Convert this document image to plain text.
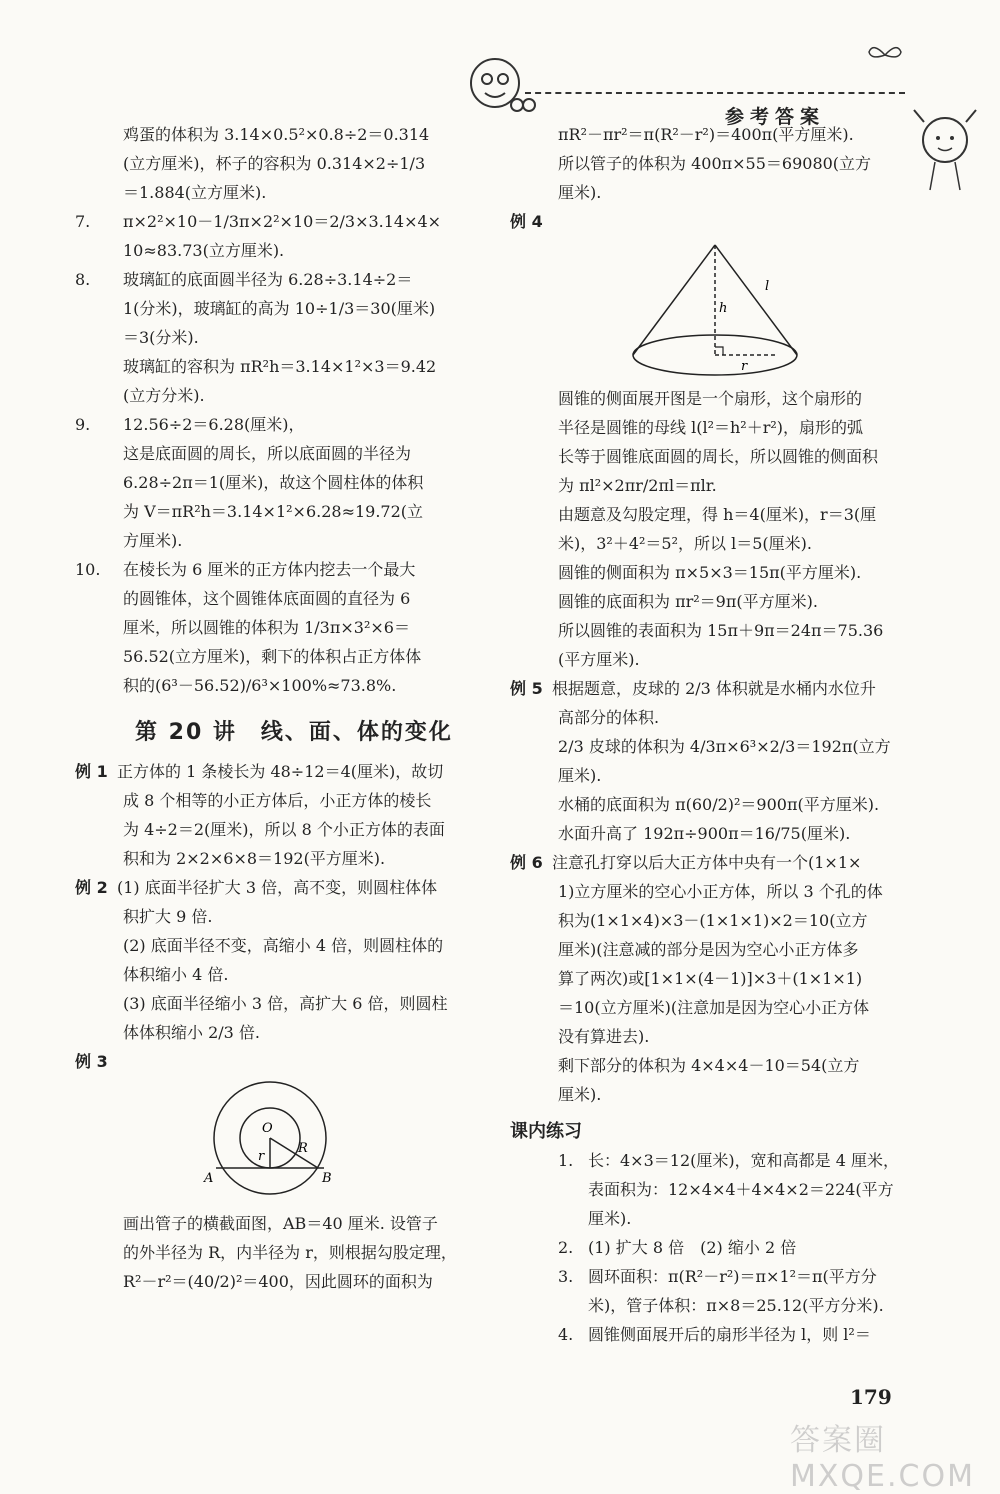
参考答案
鸡蛋的体积为 3.14×0.5²×0.8÷2＝0.314
(立方厘米)，杯子的容积为 0.314×2÷1/3
＝1.884(立方厘米).
7. π×2²×10－1/3π×2²×10＝2/3×3.14×4×
10≈83.73(立方厘米).
8. 玻璃缸的底面圆半径为 6.28÷3.14÷2＝
1(分米)，玻璃缸的高为 10÷1/3＝30(厘米)
＝3(分米).
玻璃缸的容积为 πR²h＝3.14×1²×3＝9.42
(立方分米).
9. 12.56÷2＝6.28(厘米)，
这是底面圆的周长，所以底面圆的半径为
6.28÷2π＝1(厘米)，故这个圆柱体的体积
为 V＝πR²h＝3.14×1²×6.28≈19.72(立
方厘米).
10. 在棱长为 6 厘米的正方体内挖去一个最大
的圆锥体，这个圆锥体底面圆的直径为 6
厘米，所以圆锥的体积为 1/3π×3²×6＝
56.52(立方厘米)，剩下的体积占正方体体
积的(6³－56.52)/6³×100%≈73.8%.
第 20 讲　线、面、体的变化
例 1 正方体的 1 条棱长为 48÷12＝4(厘米)，故切
成 8 个相等的小正方体后，小正方体的棱长
为 4÷2＝2(厘米)，所以 8 个小正方体的表面
积和为 2×2×6×8＝192(平方厘米).
例 2 (1) 底面半径扩大 3 倍，高不变，则圆柱体体
积扩大 9 倍.
(2) 底面半径不变，高缩小 4 倍，则圆柱体的
体积缩小 4 倍.
(3) 底面半径缩小 3 倍，高扩大 6 倍，则圆柱
体体积缩小 2/3 倍.
例 3
O
r
R
A	B
画出管子的横截面图，AB＝40 厘米. 设管子
的外半径为 R，内半径为 r，则根据勾股定理，
R²－r²＝(40/2)²＝400，因此圆环的面积为
πR²－πr²＝π(R²－r²)＝400π(平方厘米).
所以管子的体积为 400π×55＝69080(立方
厘米).
例 4
h
l
r
圆锥的侧面展开图是一个扇形，这个扇形的
半径是圆锥的母线 l(l²＝h²＋r²)，扇形的弧
长等于圆锥底面圆的周长，所以圆锥的侧面积
为 πl²×2πr/2πl＝πlr.
由题意及勾股定理，得 h＝4(厘米)，r＝3(厘
米)，3²＋4²＝5²，所以 l＝5(厘米).
圆锥的侧面积为 π×5×3＝15π(平方厘米).
圆锥的底面积为 πr²＝9π(平方厘米).
所以圆锥的表面积为 15π＋9π＝24π＝75.36
(平方厘米).
例 5 根据题意，皮球的 2/3 体积就是水桶内水位升
高部分的体积.
2/3 皮球的体积为 4/3π×6³×2/3＝192π(立方
厘米).
水桶的底面积为 π(60/2)²＝900π(平方厘米).
水面升高了 192π÷900π＝16/75(厘米).
例 6 注意孔打穿以后大正方体中央有一个(1×1×
1)立方厘米的空心小正方体，所以 3 个孔的体
积为(1×1×4)×3－(1×1×1)×2＝10(立方
厘米)(注意减的部分是因为空心小正方体多
算了两次)或[1×1×(4－1)]×3＋(1×1×1)
＝10(立方厘米)(注意加是因为空心小正方体
没有算进去).
剩下部分的体积为 4×4×4－10＝54(立方
厘米).
课内练习
1. 长：4×3＝12(厘米)，宽和高都是 4 厘米，
表面积为：12×4×4＋4×4×2＝224(平方
厘米).
2. (1) 扩大 8 倍　(2) 缩小 2 倍
3. 圆环面积：π(R²－r²)＝π×1²＝π(平方分
米)，管子体积：π×8＝25.12(平方分米).
4. 圆锥侧面展开后的扇形半径为 l，则 l²＝
179
答案圈 MXQE.COM
